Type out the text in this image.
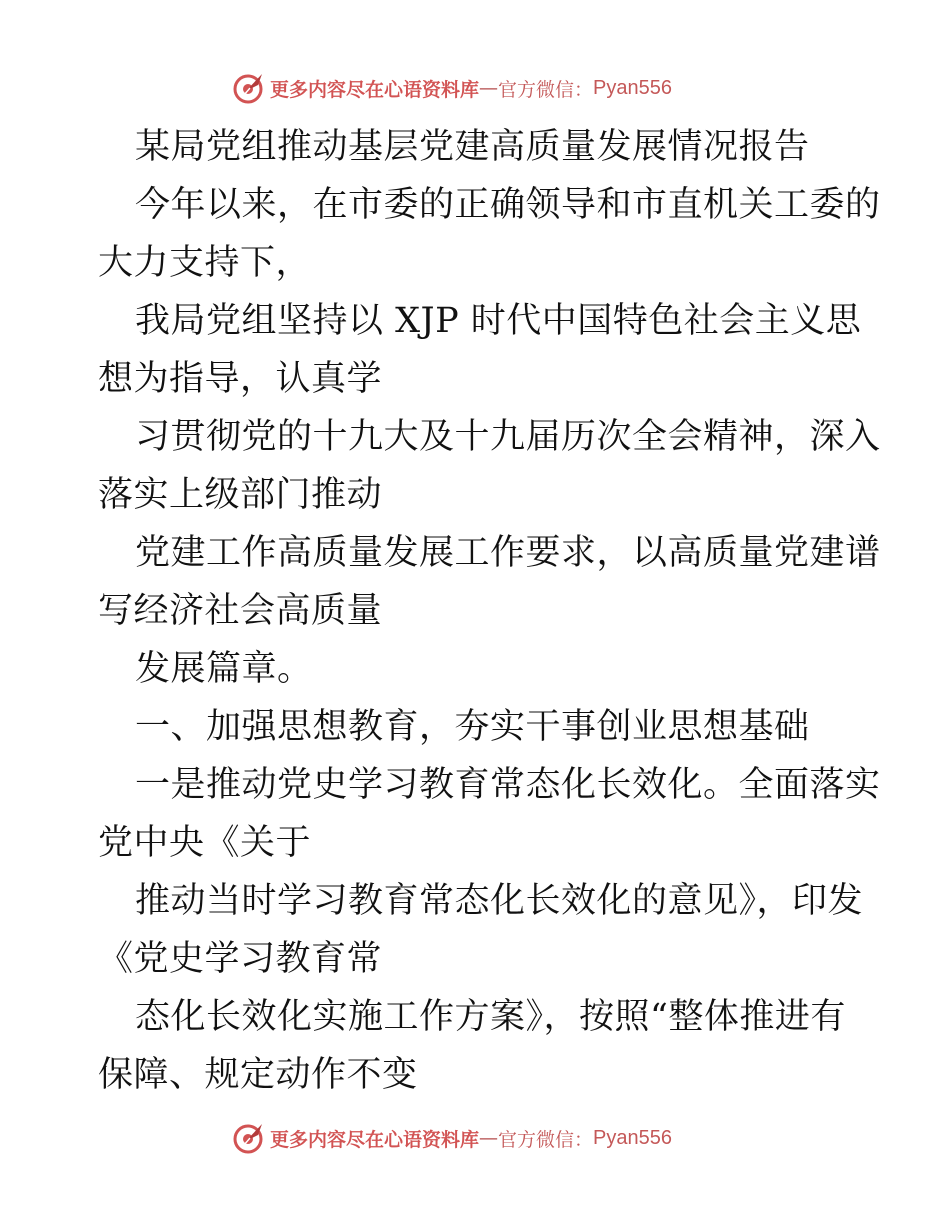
更多内容尽在心语资料库 — 官方微信： Pyan556
某局党组推动基层党建高质量发展情况报告
今年以来，在市委的正确领导和市直机关工委的
大力支持下，
我局党组坚持以 XJP 时代中国特色社会主义思
想为指导，认真学
习贯彻党的十九大及十九届历次全会精神，深入
落实上级部门推动
党建工作高质量发展工作要求，以高质量党建谱
写经济社会高质量
发展篇章。
一、加强思想教育，夯实干事创业思想基础
一是推动党史学习教育常态化长效化。全面落实
党中央《关于
推动当时学习教育常态化长效化的意见》，印发
《党史学习教育常
态化长效化实施工作方案》，按照“整体推进有
保障、规定动作不变
更多内容尽在心语资料库 — 官方微信： Pyan556
